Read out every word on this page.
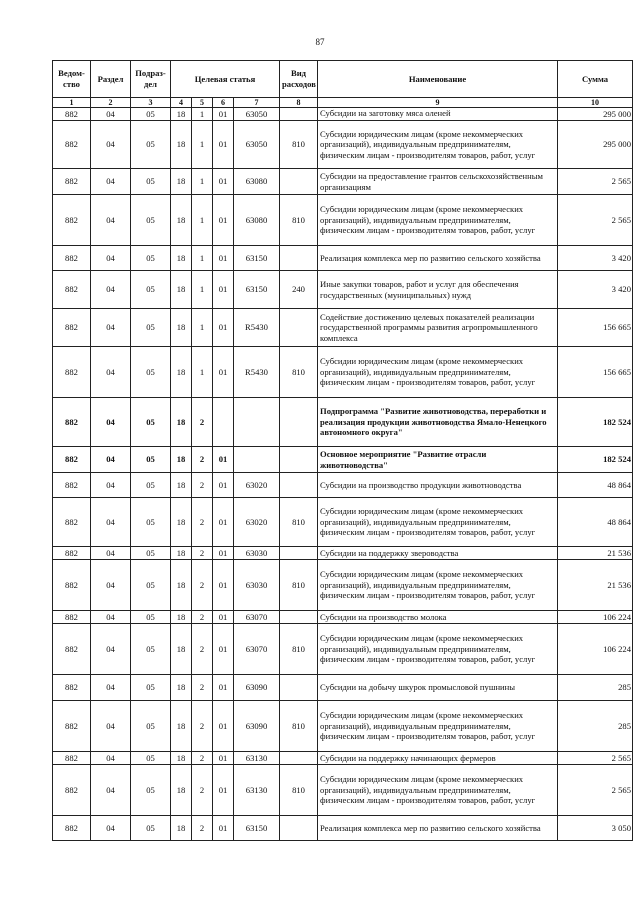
87
Ведом-ство	Раздел	Подраз-дел	Целевая статья				Вид расходов	Наименование	Сумма
1	2	3	4	5	6	7	8	9	10
882	04	05	18	1	01	63050		Субсидии на заготовку мяса оленей	295 000
882	04	05	18	1	01	63050	810	Субсидии юридическим лицам (кроме некоммерческих организаций), индивидуальным предпринимателям, физическим лицам - производителям товаров, работ, услуг	295 000
882	04	05	18	1	01	63080		Субсидии на предоставление грантов сельскохозяйственным организациям	2 565
882	04	05	18	1	01	63080	810	Субсидии юридическим лицам (кроме некоммерческих организаций), индивидуальным предпринимателям, физическим лицам - производителям товаров, работ, услуг	2 565
882	04	05	18	1	01	63150		Реализация комплекса мер по развитию сельского хозяйства	3 420
882	04	05	18	1	01	63150	240	Иные закупки товаров, работ и услуг для обеспечения государственных (муниципальных) нужд	3 420
882	04	05	18	1	01	R5430		Содействие достижению целевых показателей реализации государственной программы развития агропромышленного комплекса	156 665
882	04	05	18	1	01	R5430	810	Субсидии юридическим лицам (кроме некоммерческих организаций), индивидуальным предпринимателям, физическим лицам - производителям товаров, работ, услуг	156 665
882	04	05	18	2				Подпрограмма "Развитие животноводства, переработки и реализация продукции животноводства Ямало-Ненецкого автономного округа"	182 524
882	04	05	18	2	01			Основное мероприятие "Развитие отрасли животноводства"	182 524
882	04	05	18	2	01	63020		Субсидии на производство продукции животноводства	48 864
882	04	05	18	2	01	63020	810	Субсидии юридическим лицам (кроме некоммерческих организаций), индивидуальным предпринимателям, физическим лицам - производителям товаров, работ, услуг	48 864
882	04	05	18	2	01	63030		Субсидии на поддержку звероводства	21 536
882	04	05	18	2	01	63030	810	Субсидии юридическим лицам (кроме некоммерческих организаций), индивидуальным предпринимателям, физическим лицам - производителям товаров, работ, услуг	21 536
882	04	05	18	2	01	63070		Субсидии на производство молока	106 224
882	04	05	18	2	01	63070	810	Субсидии юридическим лицам (кроме некоммерческих организаций), индивидуальным предпринимателям, физическим лицам - производителям товаров, работ, услуг	106 224
882	04	05	18	2	01	63090		Субсидии на добычу шкурок промысловой пушнины	285
882	04	05	18	2	01	63090	810	Субсидии юридическим лицам (кроме некоммерческих организаций), индивидуальным предпринимателям, физическим лицам - производителям товаров, работ, услуг	285
882	04	05	18	2	01	63130		Субсидии на поддержку начинающих фермеров	2 565
882	04	05	18	2	01	63130	810	Субсидии юридическим лицам (кроме некоммерческих организаций), индивидуальным предпринимателям, физическим лицам - производителям товаров, работ, услуг	2 565
882	04	05	18	2	01	63150		Реализация комплекса мер по развитию сельского хозяйства	3 050
